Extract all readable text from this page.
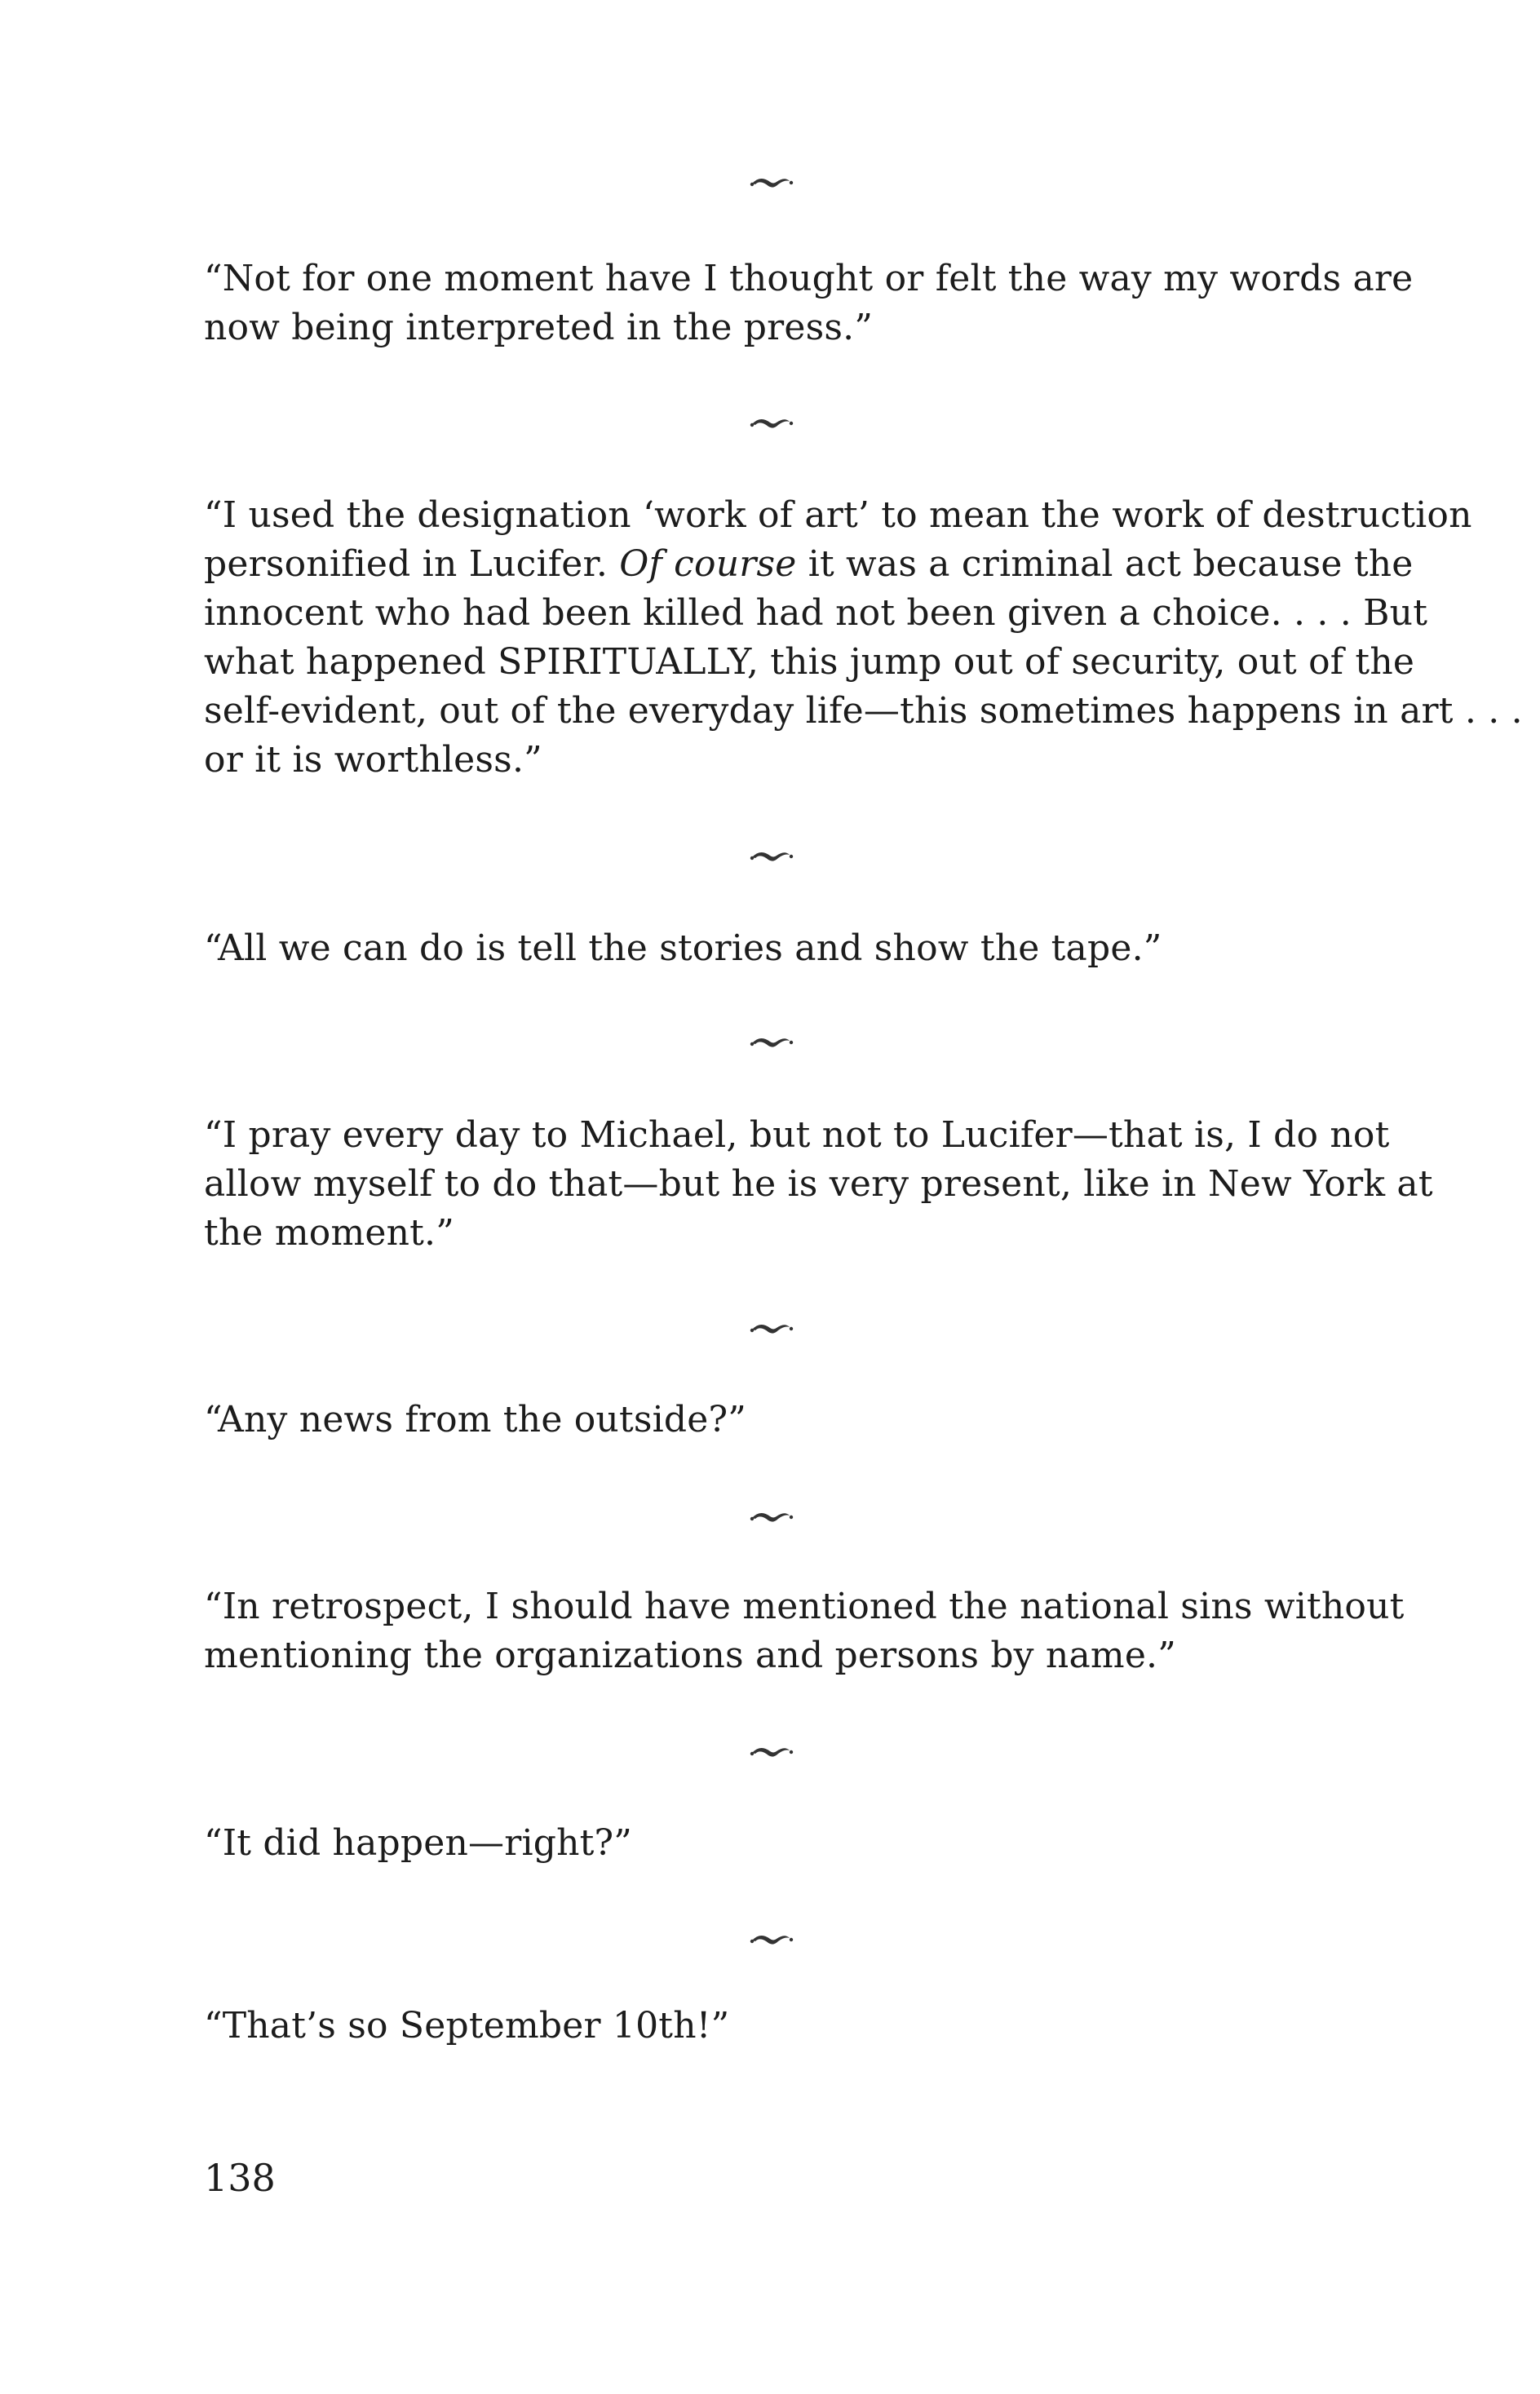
“Not for one moment have I thought or felt the way my words are
now being interpreted in the press.”
“I used the designation ‘work of art’ to mean the work of destruction
personified in Lucifer. Of course it was a criminal act because the
innocent who had been killed had not been given a choice. . . . But
what happened SPIRITUALLY, this jump out of security, out of the
self-evident, out of the everyday life—this sometimes happens in art . . .
or it is worthless.”
“All we can do is tell the stories and show the tape.”
“I pray every day to Michael, but not to Lucifer—that is, I do not
allow myself to do that—but he is very present, like in New York at
the moment.”
“Any news from the outside?”
“In retrospect, I should have mentioned the national sins without
mentioning the organizations and persons by name.”
“It did happen—right?”
“That’s so September 10th!”
138
